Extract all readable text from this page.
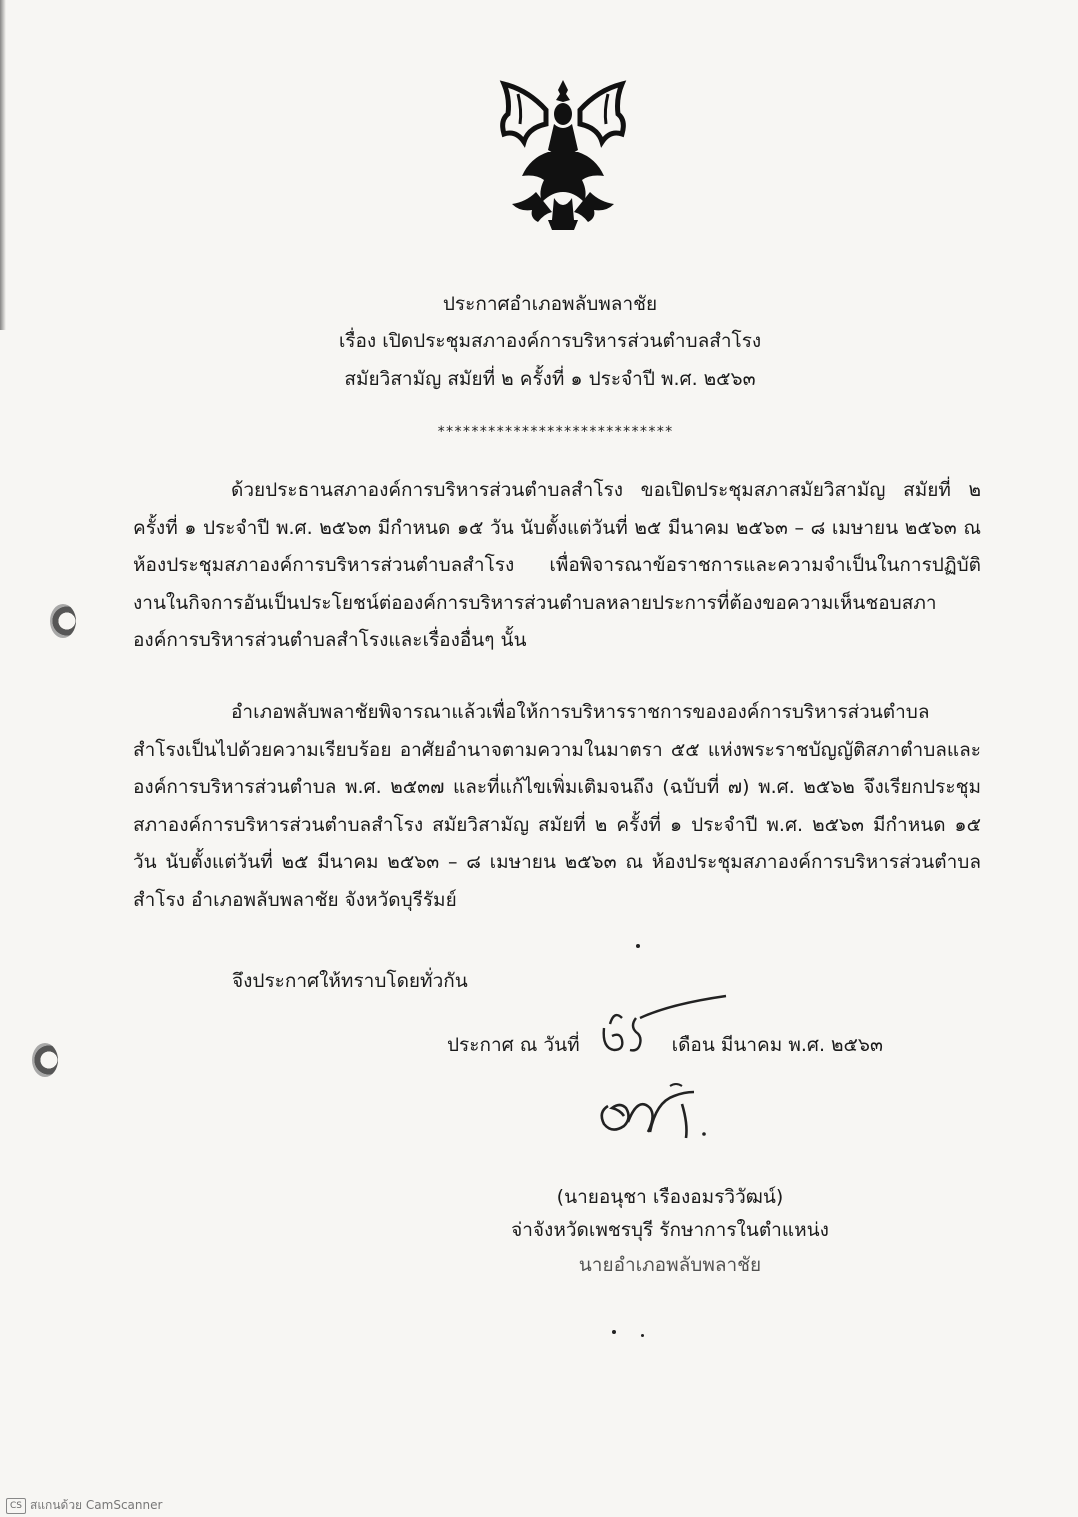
ประกาศอำเภอพลับพลาชัย
เรื่อง เปิดประชุมสภาองค์การบริหารส่วนตำบลสำโรง
สมัยวิสามัญ สมัยที่ ๒ ครั้งที่ ๑ ประจำปี พ.ศ. ๒๕๖๓
****************************

ด้วยประธานสภาองค์การบริหารส่วนตำบลสำโรง ขอเปิดประชุมสภาสมัยวิสามัญ สมัยที่ ๒ ครั้งที่ ๑ ประจำปี พ.ศ. ๒๕๖๓ มีกำหนด ๑๕ วัน นับตั้งแต่วันที่ ๒๕ มีนาคม ๒๕๖๓ – ๘ เมษายน ๒๕๖๓ ณ ห้องประชุมสภาองค์การบริหารส่วนตำบลสำโรง เพื่อพิจารณาข้อราชการและความจำเป็นในการปฏิบัติงานในกิจการอันเป็นประโยชน์ต่อองค์การบริหารส่วนตำบลหลายประการที่ต้องขอความเห็นชอบสภาองค์การบริหารส่วนตำบลสำโรงและเรื่องอื่นๆ นั้น

อำเภอพลับพลาชัยพิจารณาแล้วเพื่อให้การบริหารราชการขององค์การบริหารส่วนตำบลสำโรงเป็นไปด้วยความเรียบร้อย อาศัยอำนาจตามความในมาตรา ๕๕ แห่งพระราชบัญญัติสภาตำบลและองค์การบริหารส่วนตำบล พ.ศ. ๒๕๓๗ และที่แก้ไขเพิ่มเติมจนถึง (ฉบับที่ ๗) พ.ศ. ๒๕๖๒ จึงเรียกประชุมสภาองค์การบริหารส่วนตำบลสำโรง สมัยวิสามัญ สมัยที่ ๒ ครั้งที่ ๑ ประจำปี พ.ศ. ๒๕๖๓ มีกำหนด ๑๕ วัน นับตั้งแต่วันที่ ๒๕ มีนาคม ๒๕๖๓ – ๘ เมษายน ๒๕๖๓ ณ ห้องประชุมสภาองค์การบริหารส่วนตำบลสำโรง อำเภอพลับพลาชัย จังหวัดบุรีรัมย์

จึงประกาศให้ทราบโดยทั่วกัน
ประกาศ ณ วันที่	เดือน มีนาคม พ.ศ. ๒๕๖๓
(นายอนุชา เรืองอมรวิวัฒน์)
จ่าจังหวัดเพชรบุรี รักษาการในตำแหน่ง
นายอำเภอพลับพลาชัย
CS สแกนด้วย CamScanner
